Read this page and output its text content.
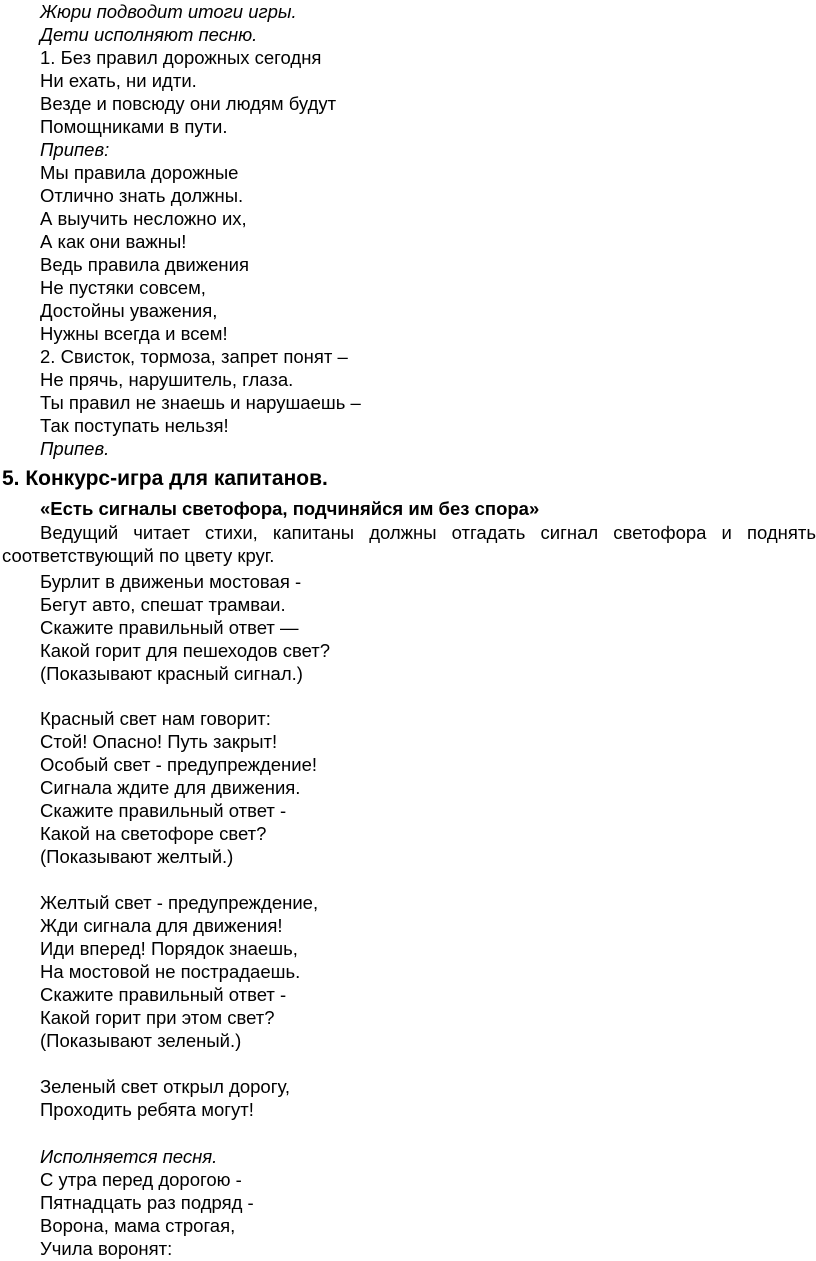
Жюри подводит итоги игры.
Дети исполняют песню.
1. Без правил дорожных сегодня
Ни ехать, ни идти.
Везде и повсюду они людям будут
Помощниками в пути.
Припев:
Мы правила дорожные
Отлично знать должны.
А выучить несложно их,
А как они важны!
Ведь правила движения
Не пустяки совсем,
Достойны уважения,
Нужны всегда и всем!
2. Свисток, тормоза, запрет понят –
Не прячь, нарушитель, глаза.
Ты правил не знаешь и нарушаешь –
Так поступать нельзя!
Припев.
5. Конкурс-игра для капитанов.
«Есть сигналы светофора, подчиняйся им без спора»
Ведущий читает стихи, капитаны должны отгадать сигнал светофора и поднять
соответствующий по цвету круг.
Бурлит в движеньи мостовая -
Бегут авто, спешат трамваи.
Скажите правильный ответ —
Какой горит для пешеходов свет?
(Показывают красный сигнал.)
Красный свет нам говорит:
Стой! Опасно! Путь закрыт!
Особый свет - предупреждение!
Сигнала ждите для движения.
Скажите правильный ответ -
Какой на светофоре свет?
(Показывают желтый.)
Желтый свет - предупреждение,
Жди сигнала для движения!
Иди вперед! Порядок знаешь,
На мостовой не пострадаешь.
Скажите правильный ответ -
Какой горит при этом свет?
(Показывают зеленый.)
Зеленый свет открыл дорогу,
Проходить ребята могут!
Исполняется песня.
С утра перед дорогою -
Пятнадцать раз подряд -
Ворона, мама строгая,
Учила воронят:
